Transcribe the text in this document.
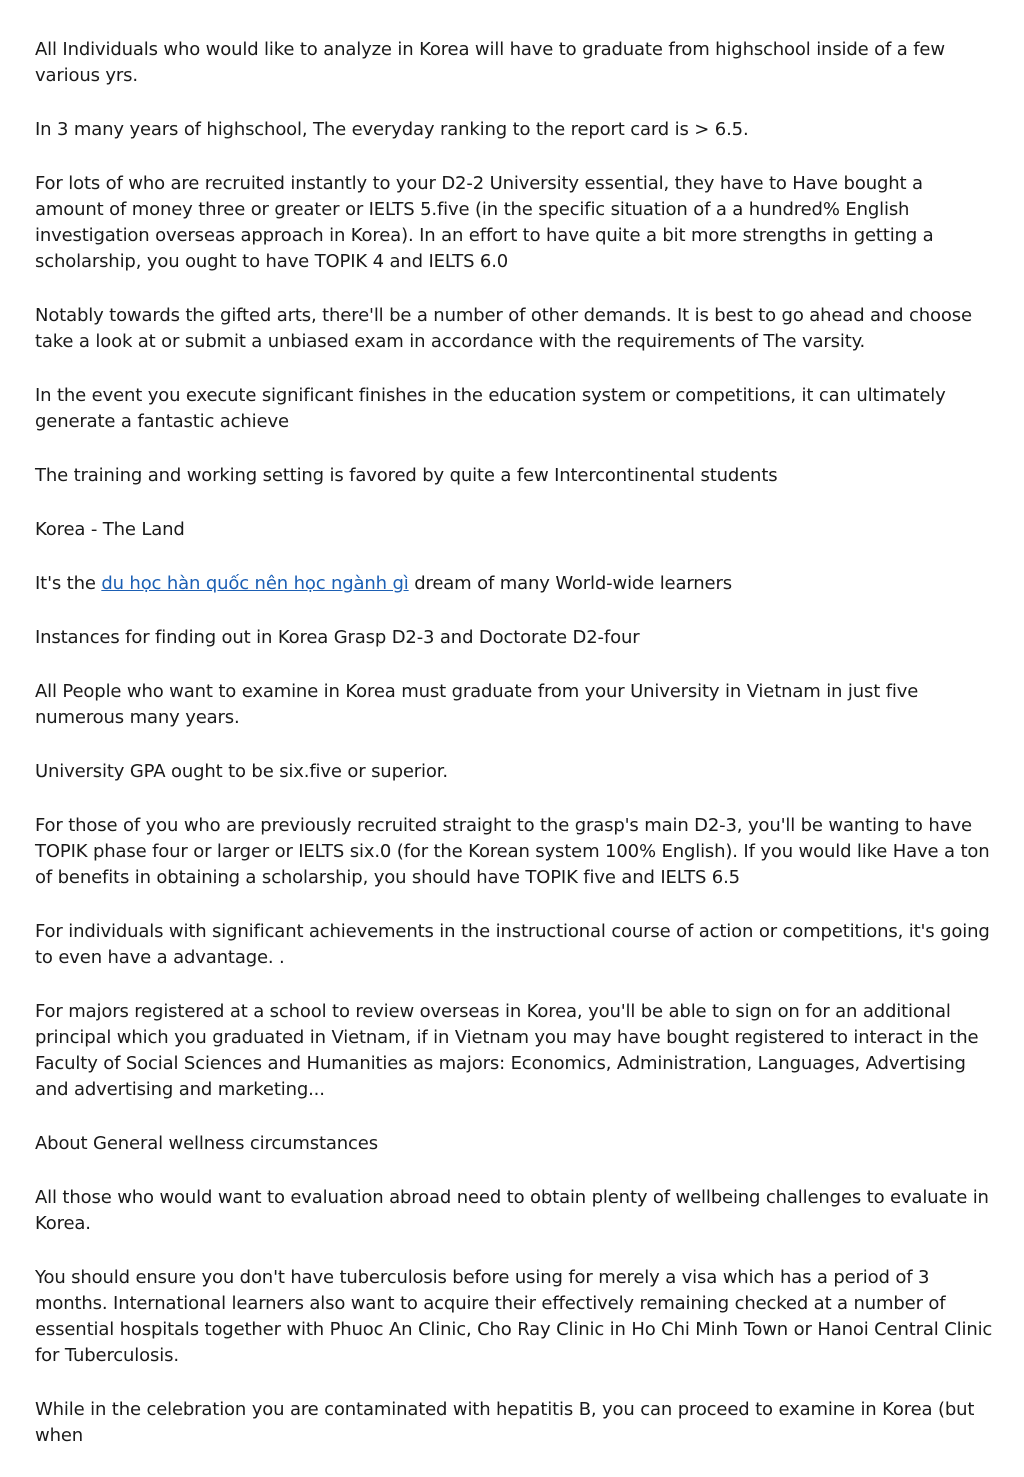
All Individuals who would like to analyze in Korea will have to graduate from highschool inside of a few various yrs.

In 3 many years of highschool, The everyday ranking to the report card is > 6.5.

For lots of who are recruited instantly to your D2-2 University essential, they have to Have bought a amount of money three or greater or IELTS 5.five (in the specific situation of a a hundred% English investigation overseas approach in Korea). In an effort to have quite a bit more strengths in getting a scholarship, you ought to have TOPIK 4 and IELTS 6.0

Notably towards the gifted arts, there'll be a number of other demands. It is best to go ahead and choose take a look at or submit a unbiased exam in accordance with the requirements of The varsity.

In the event you execute significant finishes in the education system or competitions, it can ultimately generate a fantastic achieve

The training and working setting is favored by quite a few Intercontinental students

Korea - The Land

It's the du học hàn quốc nên học ngành gì dream of many World-wide learners

Instances for finding out in Korea Grasp D2-3 and Doctorate D2-four

All People who want to examine in Korea must graduate from your University in Vietnam in just five numerous many years.

University GPA ought to be six.five or superior.

For those of you who are previously recruited straight to the grasp's main D2-3, you'll be wanting to have TOPIK phase four or larger or IELTS six.0 (for the Korean system 100% English). If you would like Have a ton of benefits in obtaining a scholarship, you should have TOPIK five and IELTS 6.5

For individuals with significant achievements in the instructional course of action or competitions, it's going to even have a advantage. .

For majors registered at a school to review overseas in Korea, you'll be able to sign on for an additional principal which you graduated in Vietnam, if in Vietnam you may have bought registered to interact in the Faculty of Social Sciences and Humanities as majors: Economics, Administration, Languages, Advertising and advertising and marketing...

About General wellness circumstances

All those who would want to evaluation abroad need to obtain plenty of wellbeing challenges to evaluate in Korea.

You should ensure you don't have tuberculosis before using for merely a visa which has a period of 3 months. International learners also want to acquire their effectively remaining checked at a number of essential hospitals together with Phuoc An Clinic, Cho Ray Clinic in Ho Chi Minh Town or Hanoi Central Clinic for Tuberculosis.

While in the celebration you are contaminated with hepatitis B, you can proceed to examine in Korea (but when
